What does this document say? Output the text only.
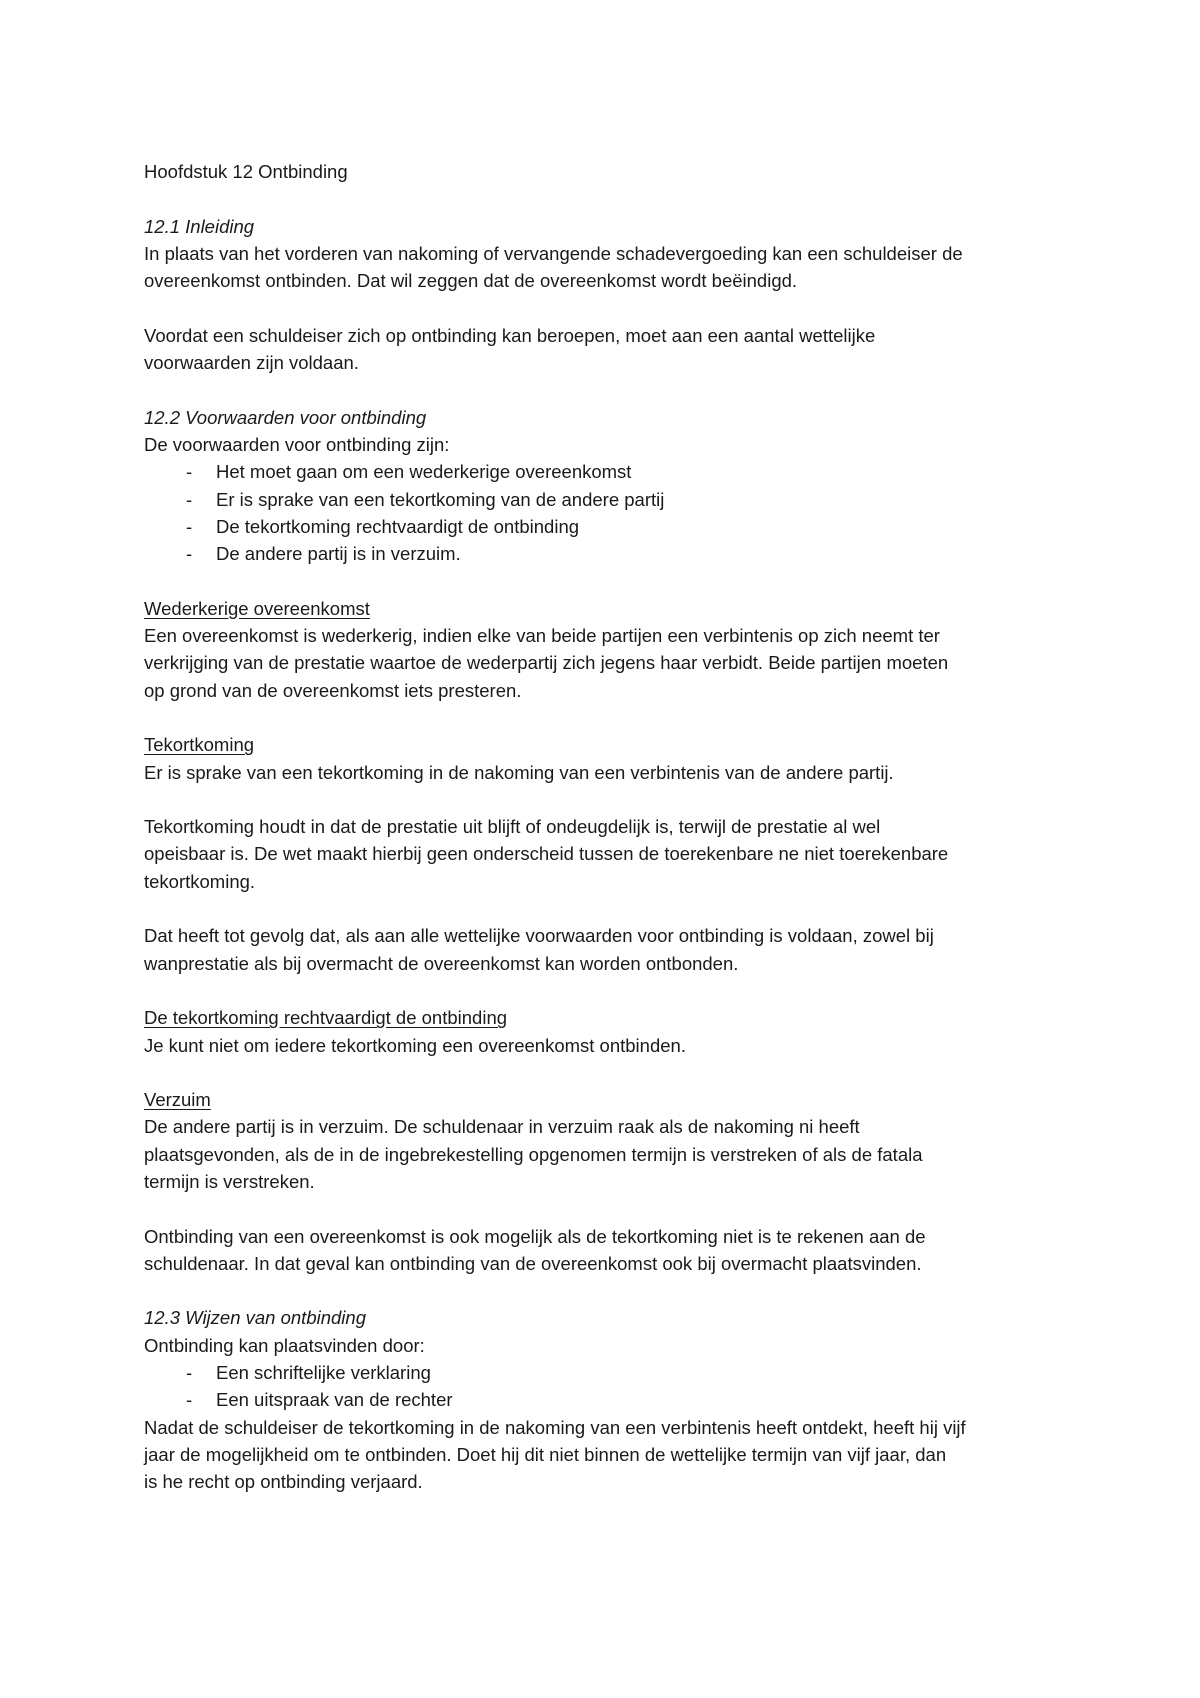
Hoofdstuk 12 Ontbinding

12.1 Inleiding

In plaats van het vorderen van nakoming of vervangende schadevergoeding kan een schuldeiser de

overeenkomst ontbinden. Dat wil zeggen dat de overeenkomst wordt beëindigd.

Voordat een schuldeiser zich op ontbinding kan beroepen, moet aan een aantal wettelijke

voorwaarden zijn voldaan.

12.2 Voorwaarden voor ontbinding

De voorwaarden voor ontbinding zijn:

- Het moet gaan om een wederkerige overeenkomst
- Er is sprake van een tekortkoming van de andere partij
- De tekortkoming rechtvaardigt de ontbinding
- De andere partij is in verzuim.

Wederkerige overeenkomst

Een overeenkomst is wederkerig, indien elke van beide partijen een verbintenis op zich neemt ter

verkrijging van de prestatie waartoe de wederpartij zich jegens haar verbidt. Beide partijen moeten

op grond van de overeenkomst iets presteren.

Tekortkoming

Er is sprake van een tekortkoming in de nakoming van een verbintenis van de andere partij.

Tekortkoming houdt in dat de prestatie uit blijft of ondeugdelijk is, terwijl de prestatie al wel

opeisbaar is. De wet maakt hierbij geen onderscheid tussen de toerekenbare ne niet toerekenbare

tekortkoming.

Dat heeft tot gevolg dat, als aan alle wettelijke voorwaarden voor ontbinding is voldaan, zowel bij

wanprestatie als bij overmacht de overeenkomst kan worden ontbonden.

De tekortkoming rechtvaardigt de ontbinding

Je kunt niet om iedere tekortkoming een overeenkomst ontbinden.

Verzuim

De andere partij is in verzuim. De schuldenaar in verzuim raak als de nakoming ni heeft

plaatsgevonden, als de in de ingebrekestelling opgenomen termijn is verstreken of als de fatala

termijn is verstreken.

Ontbinding van een overeenkomst is ook mogelijk als de tekortkoming niet is te rekenen aan de

schuldenaar. In dat geval kan ontbinding van de overeenkomst ook bij overmacht plaatsvinden.

12.3 Wijzen van ontbinding

Ontbinding kan plaatsvinden door:

- Een schriftelijke verklaring
- Een uitspraak van de rechter

Nadat de schuldeiser de tekortkoming in de nakoming van een verbintenis heeft ontdekt, heeft hij vijf

jaar de mogelijkheid om te ontbinden. Doet hij dit niet binnen de wettelijke termijn van vijf jaar, dan

is he recht op ontbinding verjaard.
